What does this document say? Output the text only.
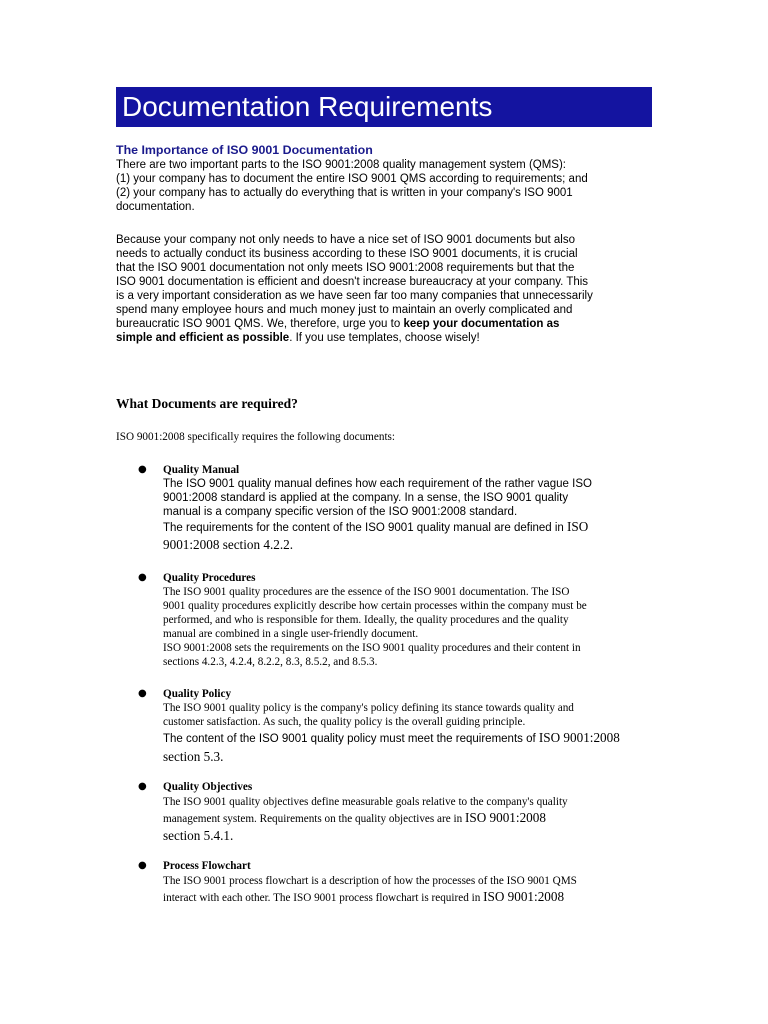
Documentation Requirements
The Importance of ISO 9001 Documentation
There are two important parts to the ISO 9001:2008 quality management system (QMS):
(1) your company has to document the entire ISO 9001 QMS according to requirements; and
(2) your company has to actually do everything that is written in your company's ISO 9001
documentation.
Because your company not only needs to have a nice set of ISO 9001 documents but also
needs to actually conduct its business according to these ISO 9001 documents, it is crucial
that the ISO 9001 documentation not only meets ISO 9001:2008 requirements but that the
ISO 9001 documentation is efficient and doesn't increase bureaucracy at your company. This
is a very important consideration as we have seen far too many companies that unnecessarily
spend many employee hours and much money just to maintain an overly complicated and
bureaucratic ISO 9001 QMS. We, therefore, urge you to keep your documentation as
simple and efficient as possible. If you use templates, choose wisely!
What Documents are required?
ISO 9001:2008 specifically requires the following documents:
● Quality Manual
The ISO 9001 quality manual defines how each requirement of the rather vague ISO
9001:2008 standard is applied at the company. In a sense, the ISO 9001 quality
manual is a company specific version of the ISO 9001:2008 standard.
The requirements for the content of the ISO 9001 quality manual are defined in ISO
9001:2008 section 4.2.2.
● Quality Procedures
The ISO 9001 quality procedures are the essence of the ISO 9001 documentation. The ISO
9001 quality procedures explicitly describe how certain processes within the company must be
performed, and who is responsible for them. Ideally, the quality procedures and the quality
manual are combined in a single user-friendly document.
ISO 9001:2008 sets the requirements on the ISO 9001 quality procedures and their content in
sections 4.2.3, 4.2.4, 8.2.2, 8.3, 8.5.2, and 8.5.3.
● Quality Policy
The ISO 9001 quality policy is the company's policy defining its stance towards quality and
customer satisfaction. As such, the quality policy is the overall guiding principle.
The content of the ISO 9001 quality policy must meet the requirements of ISO 9001:2008
section 5.3.
● Quality Objectives
The ISO 9001 quality objectives define measurable goals relative to the company's quality
management system. Requirements on the quality objectives are in ISO 9001:2008
section 5.4.1.
● Process Flowchart
The ISO 9001 process flowchart is a description of how the processes of the ISO 9001 QMS
interact with each other. The ISO 9001 process flowchart is required in ISO 9001:2008
